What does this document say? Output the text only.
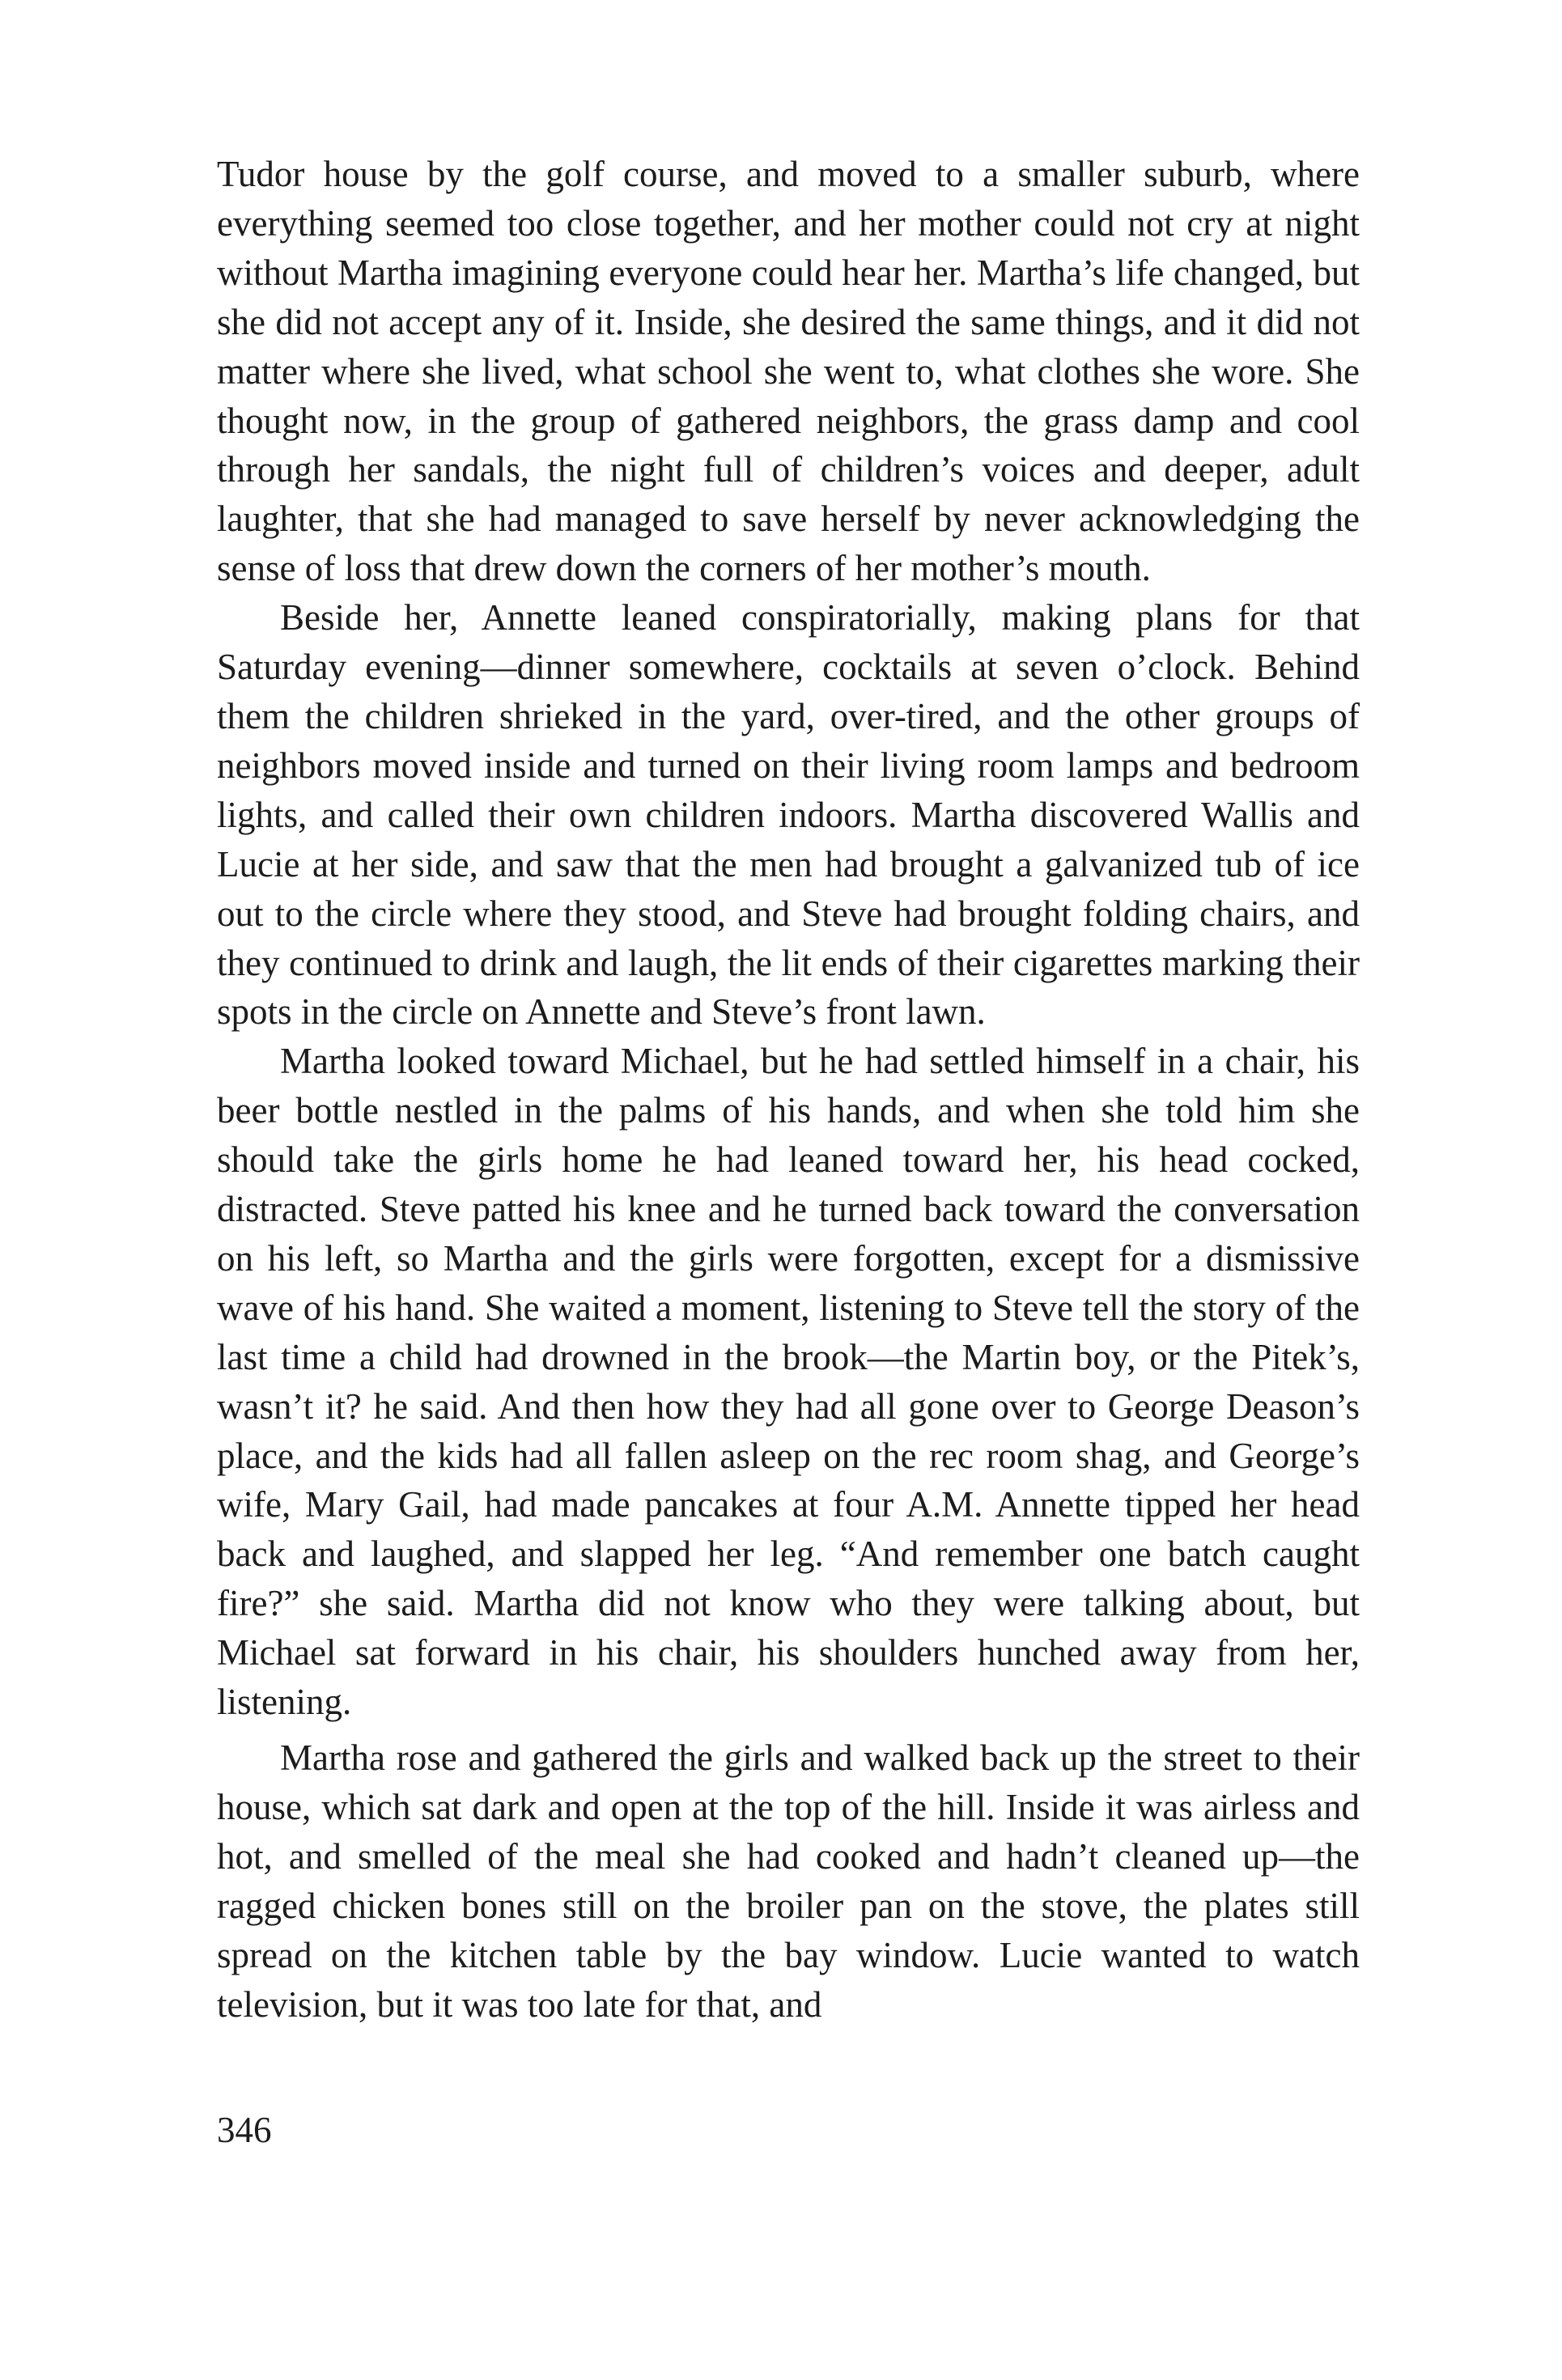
Tudor house by the golf course, and moved to a smaller suburb, where everything seemed too close together, and her mother could not cry at night without Martha imagining everyone could hear her. Martha’s life changed, but she did not accept any of it. Inside, she desired the same things, and it did not matter where she lived, what school she went to, what clothes she wore. She thought now, in the group of gathered neighbors, the grass damp and cool through her sandals, the night full of children’s voices and deeper, adult laughter, that she had managed to save herself by never acknowledging the sense of loss that drew down the corners of her mother’s mouth.

Beside her, Annette leaned conspiratorially, making plans for that Saturday evening—dinner somewhere, cocktails at seven o’clock. Behind them the children shrieked in the yard, over-tired, and the other groups of neighbors moved inside and turned on their living room lamps and bedroom lights, and called their own children indoors. Martha discovered Wallis and Lucie at her side, and saw that the men had brought a galvanized tub of ice out to the circle where they stood, and Steve had brought folding chairs, and they continued to drink and laugh, the lit ends of their cigarettes marking their spots in the circle on Annette and Steve’s front lawn.

Martha looked toward Michael, but he had settled himself in a chair, his beer bottle nestled in the palms of his hands, and when she told him she should take the girls home he had leaned toward her, his head cocked, distracted. Steve patted his knee and he turned back toward the conversation on his left, so Martha and the girls were forgotten, except for a dismissive wave of his hand. She waited a moment, listening to Steve tell the story of the last time a child had drowned in the brook—the Martin boy, or the Pitek’s, wasn’t it? he said. And then how they had all gone over to George Deason’s place, and the kids had all fallen asleep on the rec room shag, and George’s wife, Mary Gail, had made pancakes at four A.M. Annette tipped her head back and laughed, and slapped her leg. “And remember one batch caught fire?” she said. Martha did not know who they were talking about, but Michael sat forward in his chair, his shoulders hunched away from her, listening.

Martha rose and gathered the girls and walked back up the street to their house, which sat dark and open at the top of the hill. Inside it was airless and hot, and smelled of the meal she had cooked and hadn’t cleaned up—the ragged chicken bones still on the broiler pan on the stove, the plates still spread on the kitchen table by the bay window. Lucie wanted to watch television, but it was too late for that, and

346
